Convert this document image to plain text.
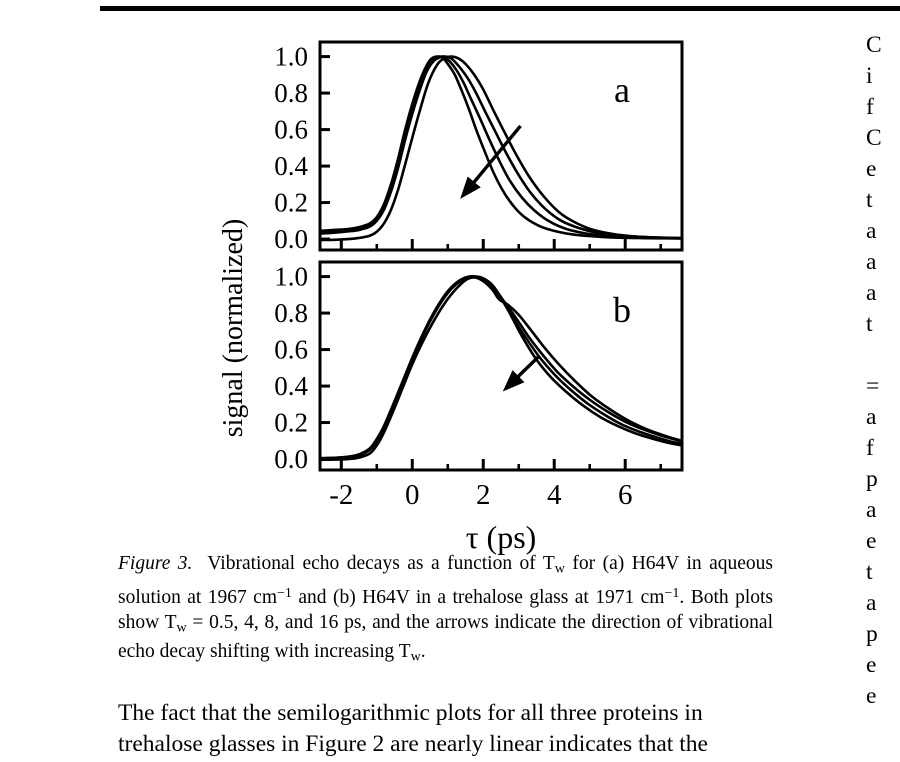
signal (normalized) 0.0
0.2
0.4
0.6
0.8
1.0
a
0.0
0.2
0.4
0.6
0.8
1.0
-2 0 2 4 6
b
τ (ps)
Figure 3. Vibrational echo decays as a function of $T_w$ for (a) H64V in aqueous solution at 1967 $cm^{-1}$ and (b) H64V in a trehalose glass at 1971 $cm^{-1}$. Both plots show $T_w = 0.5$, 4, 8, and 16 ps, and the arrows indicate the direction of vibrational echo decay shifting with increasing $T_w$.
The fact that the semilogarithmic plots for all three proteins in
trehalose glasses in Figure 2 are nearly linear indicates that the
C
i
f
C
e
t
a
a
a
t
=
a
f
p
a
e
t
a
p
e
e
